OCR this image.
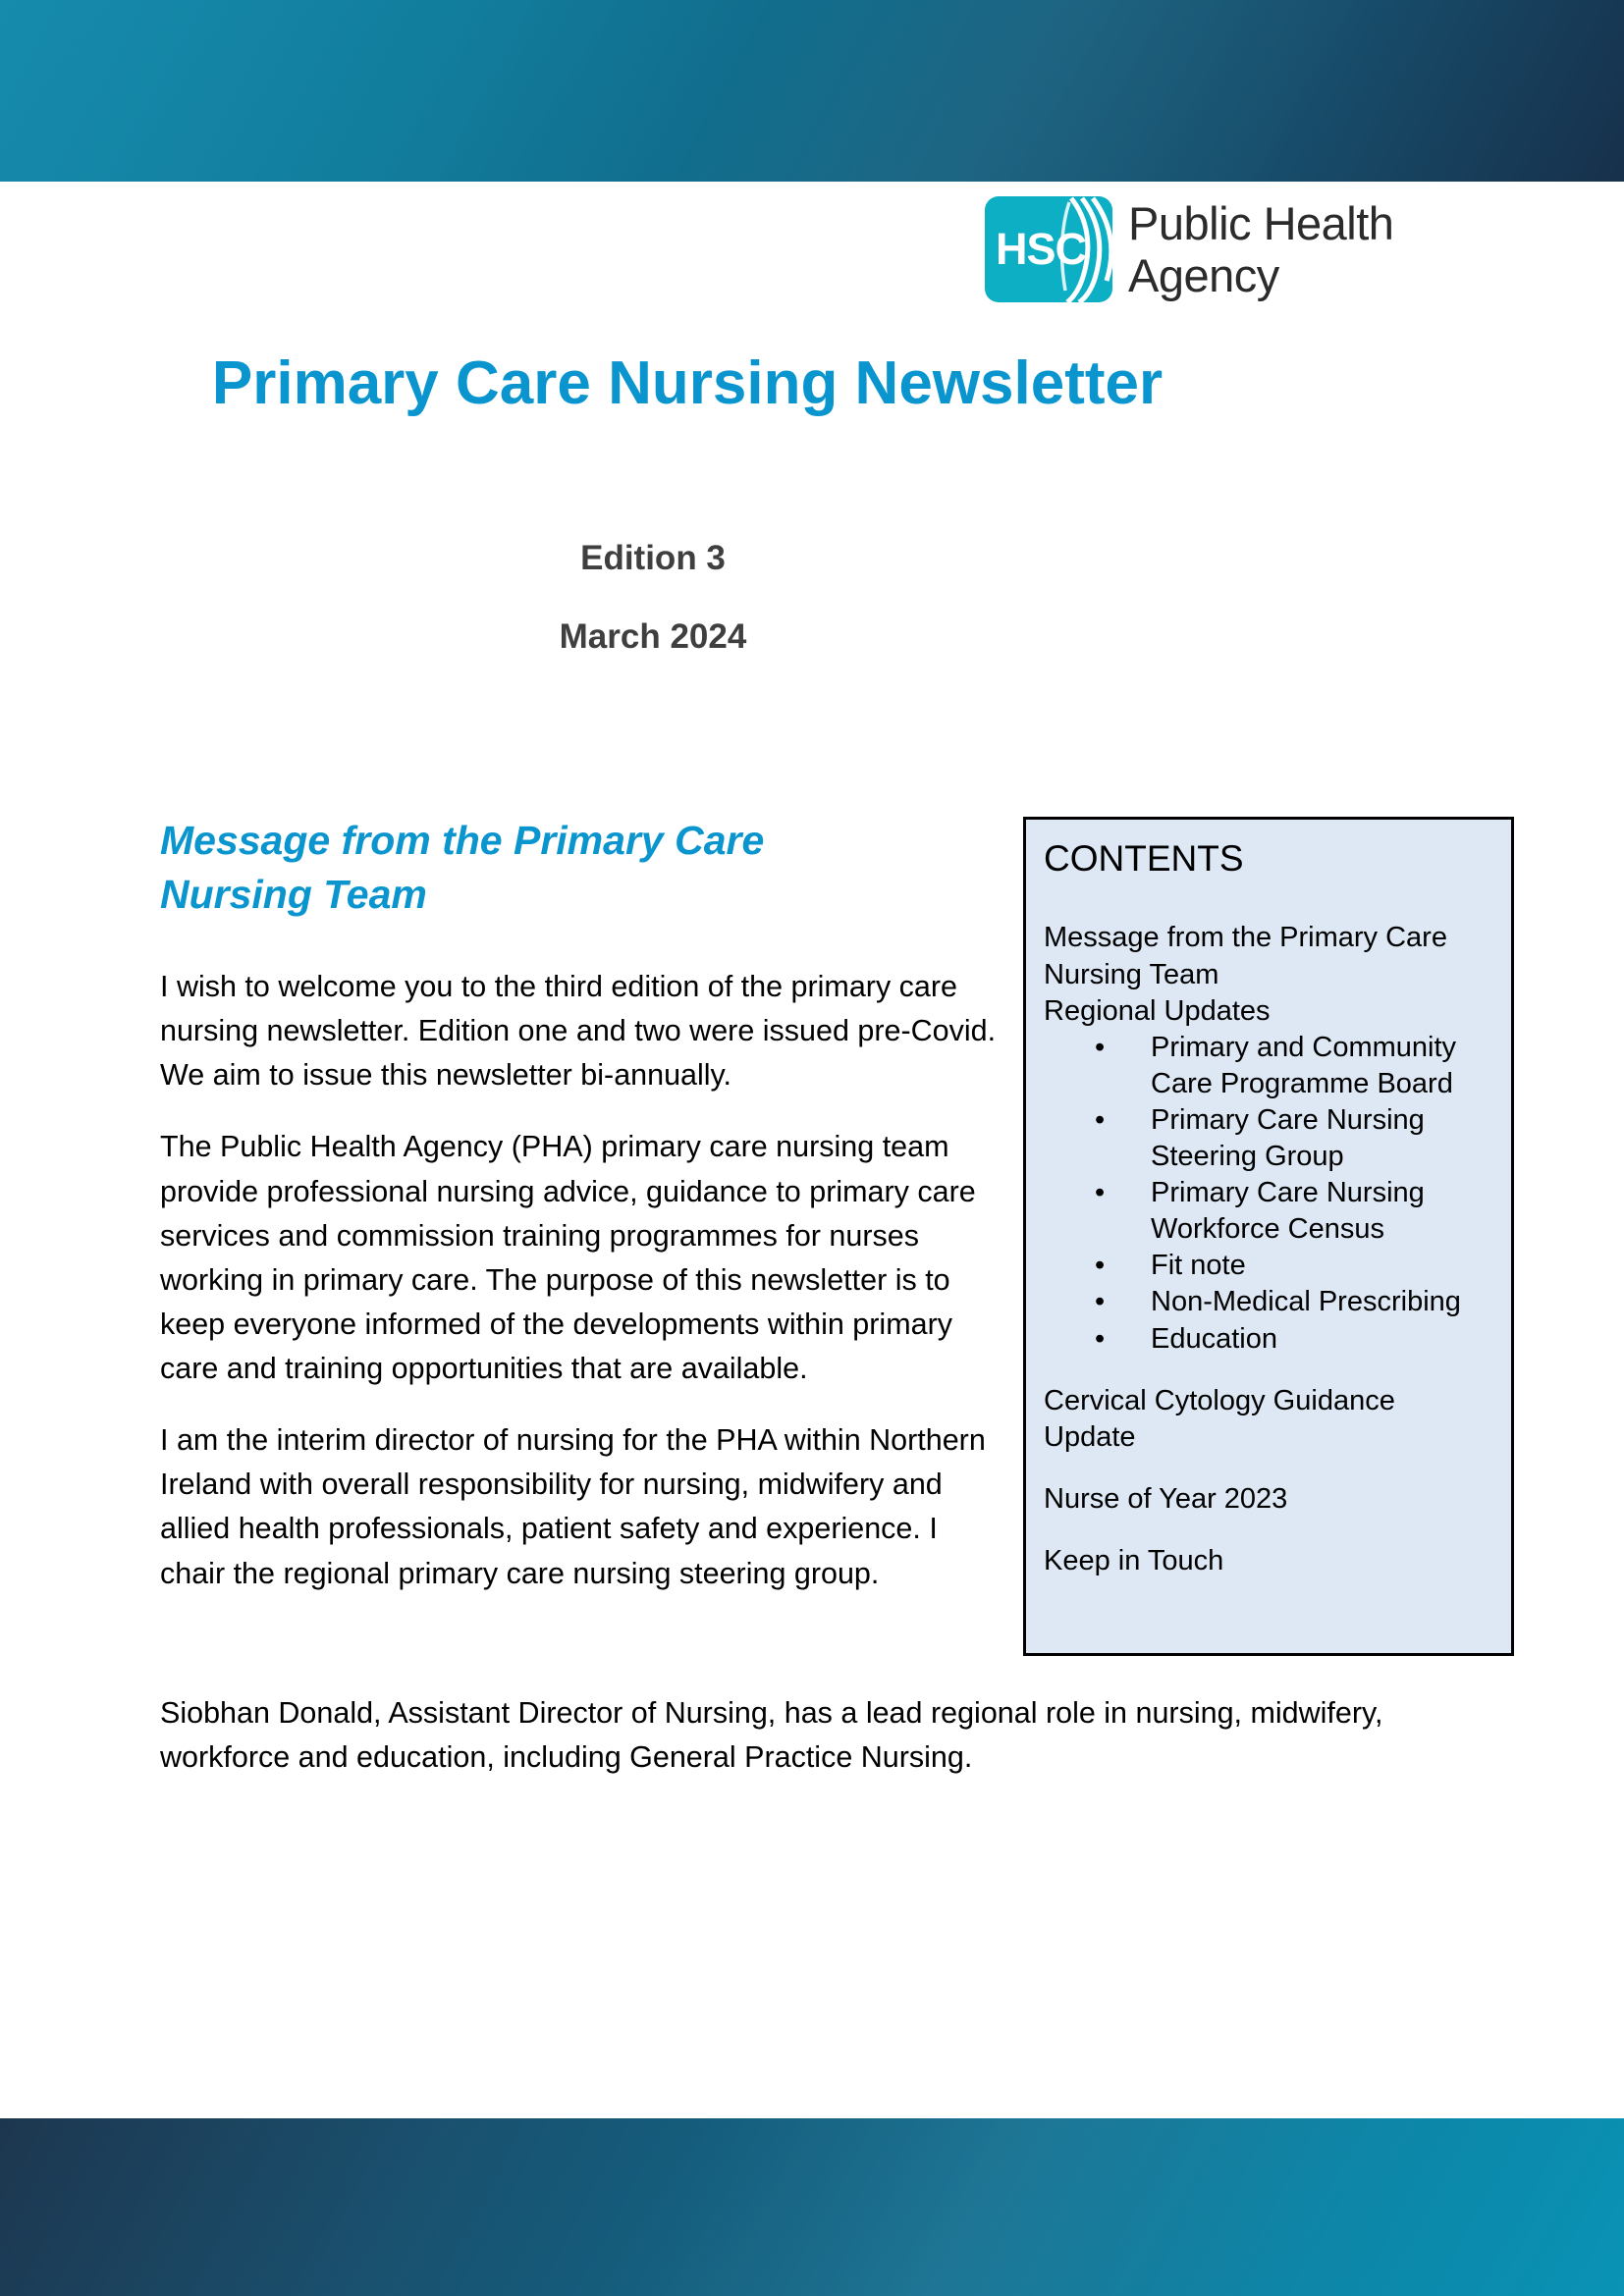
HSC Public Health
Agency
Primary Care Nursing Newsletter
Edition 3
March 2024
Message from the Primary Care
Nursing Team

I wish to welcome you to the third edition of the primary care nursing newsletter. Edition one and two were issued pre-Covid. We aim to issue this newsletter bi-annually.

The Public Health Agency (PHA) primary care nursing team provide professional nursing advice, guidance to primary care services and commission training programmes for nurses working in primary care. The purpose of this newsletter is to keep everyone informed of the developments within primary care and training opportunities that are available.

I am the interim director of nursing for the PHA within Northern Ireland with overall responsibility for nursing, midwifery and allied health professionals, patient safety and experience. I chair the regional primary care nursing steering group.

Siobhan Donald, Assistant Director of Nursing, has a lead regional role in nursing, midwifery, workforce and education, including General Practice Nursing.

CONTENTS
Message from the Primary Care
Nursing Team
Regional Updates
• Primary and Community Care Programme Board
• Primary Care Nursing Steering Group
• Primary Care Nursing Workforce Census
• Fit note
• Non-Medical Prescribing
• Education
Cervical Cytology Guidance
Update
Nurse of Year 2023
Keep in Touch
